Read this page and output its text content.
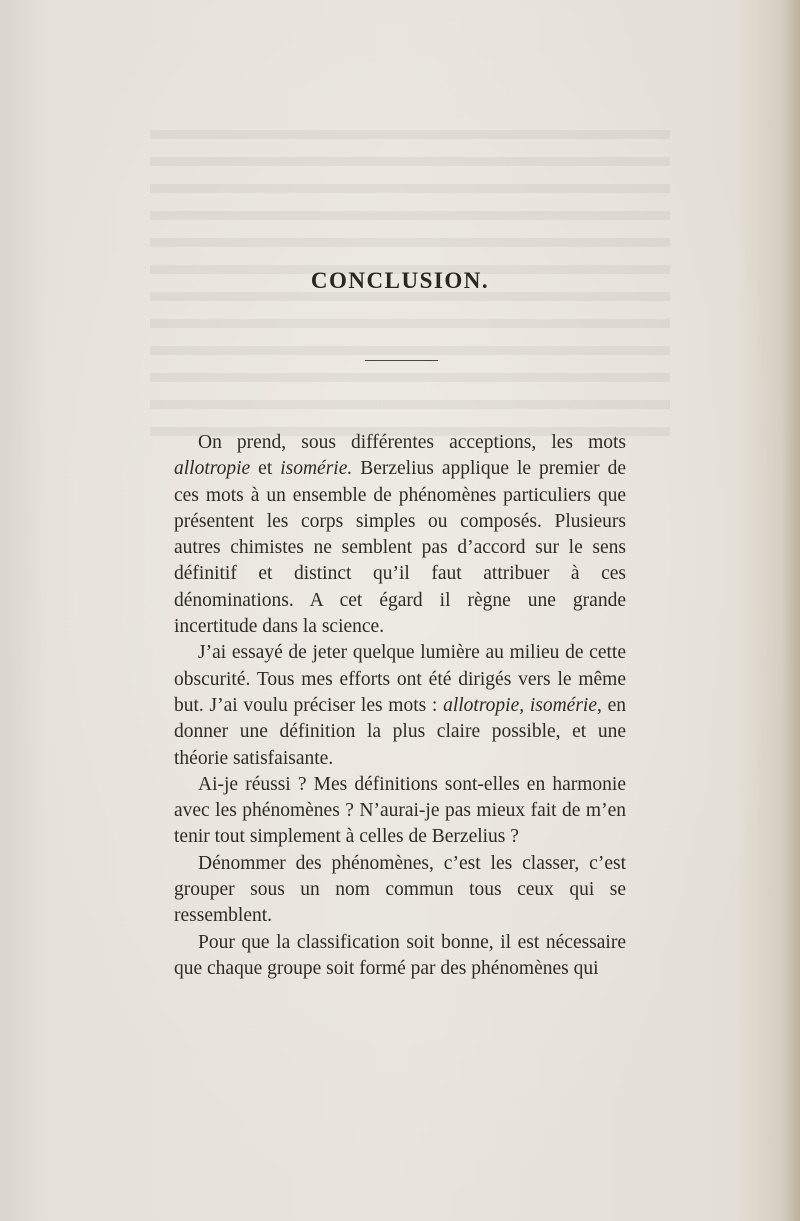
CONCLUSION.

On prend, sous différentes acceptions, les mots allotropie et isomérie. Berzelius applique le premier de ces mots à un ensemble de phénomènes particuliers que présentent les corps simples ou composés. Plusieurs autres chimistes ne semblent pas d’accord sur le sens définitif et distinct qu’il faut attribuer à ces dénominations. A cet égard il règne une grande incertitude dans la science.

J’ai essayé de jeter quelque lumière au milieu de cette obscurité. Tous mes efforts ont été dirigés vers le même but. J’ai voulu préciser les mots : allotropie, isomérie, en donner une définition la plus claire possible, et une théorie satisfaisante.

Ai-je réussi ? Mes définitions sont-elles en harmonie avec les phénomènes ? N’aurai-je pas mieux fait de m’en tenir tout simplement à celles de Berzelius ?

Dénommer des phénomènes, c’est les classer, c’est grouper sous un nom commun tous ceux qui se ressemblent.

Pour que la classification soit bonne, il est nécessaire que chaque groupe soit formé par des phénomènes qui
